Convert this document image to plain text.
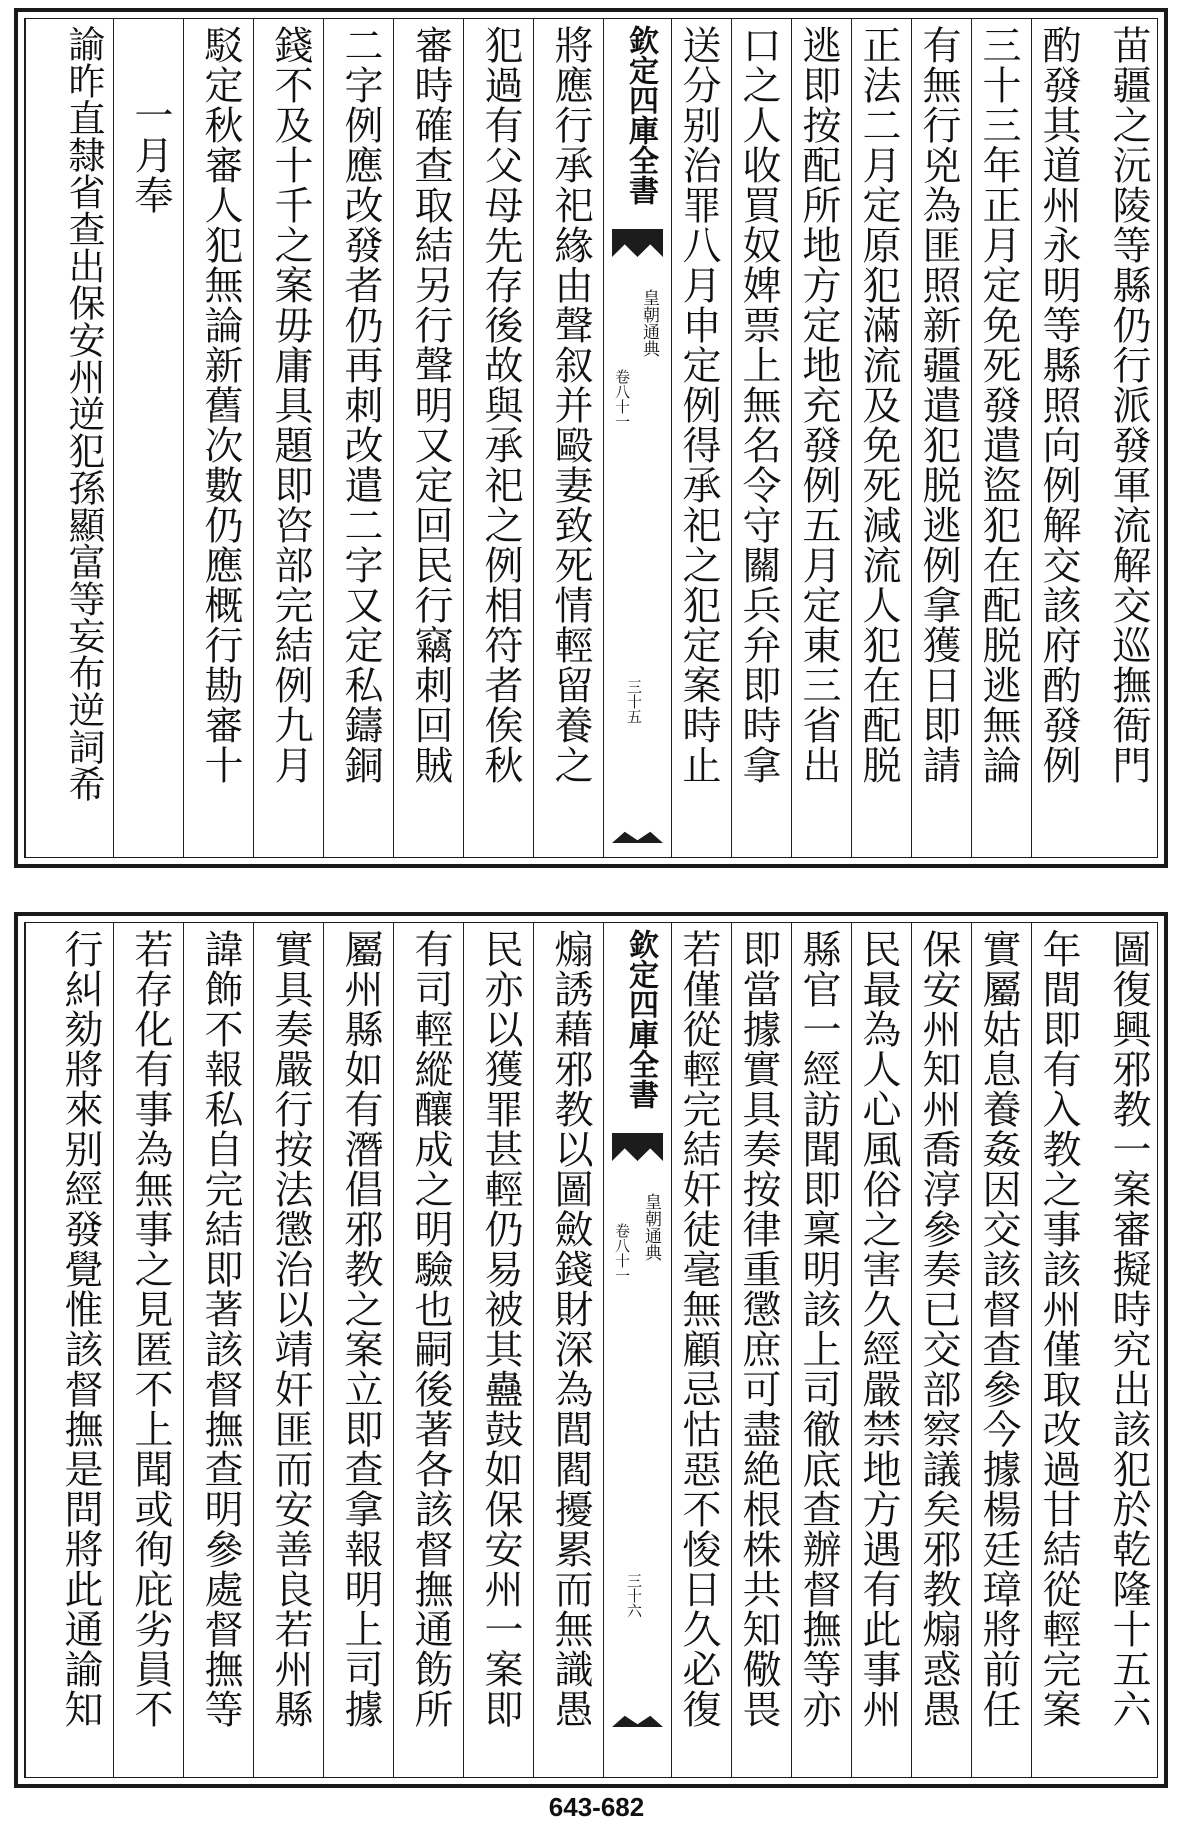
苗疆之沅陵等縣仍行派發軍流解交巡撫衙門
酌發其道州永明等縣照向例解交該府酌發例
三十三年正月定免死發遣盜犯在配脱逃無論
有無行兇為匪照新疆遣犯脱逃例拿獲日即請
正法二月定原犯滿流及免死減流人犯在配脱
逃即按配所地方定地充發例五月定東三省出
口之人收買奴婢票上無名令守關兵弁即時拿
送分别治罪八月申定例得承祀之犯定案時止
欽定四庫全書
皇朝通典
卷八十一
三十五
將應行承祀緣由聲叙并毆妻致死情輕留養之
犯過有父母先存後故與承祀之例相符者俟秋
審時確查取結另行聲明又定回民行竊刺回賊
二字例應改發者仍再刺改遣二字又定私鑄銅
錢不及十千之案毋庸具題即咨部完結例九月
駁定秋審人犯無論新舊次數仍應概行勘審十
一月奉
諭昨直隸省查出保安州逆犯孫顯富等妄布逆詞希
圖復興邪教一案審擬時究出該犯於乾隆十五六
年間即有入教之事該州僅取改過甘結從輕完案
實屬姑息養姦因交該督查參今據楊廷璋將前任
保安州知州喬淳參奏已交部察議矣邪教煽惑愚
民最為人心風俗之害久經嚴禁地方遇有此事州
縣官一經訪聞即稟明該上司徹底查辦督撫等亦
即當據實具奏按律重懲庶可盡絶根株共知儆畏
若僅從輕完結奸徒毫無顧忌怙惡不悛日久必復
欽定四庫全書
皇朝通典
卷八十一
三十六
煽誘藉邪教以圖斂錢財深為閭閻擾累而無識愚
民亦以獲罪甚輕仍易被其蠱鼓如保安州一案即
有司輕縱釀成之明驗也嗣後著各該督撫通飭所
屬州縣如有潛倡邪教之案立即查拿報明上司據
實具奏嚴行按法懲治以靖奸匪而安善良若州縣
諱飾不報私自完結即著該督撫查明參處督撫等
若存化有事為無事之見匿不上聞或徇庇劣員不
行糾劾將來别經發覺惟該督撫是問將此通諭知
643-682
